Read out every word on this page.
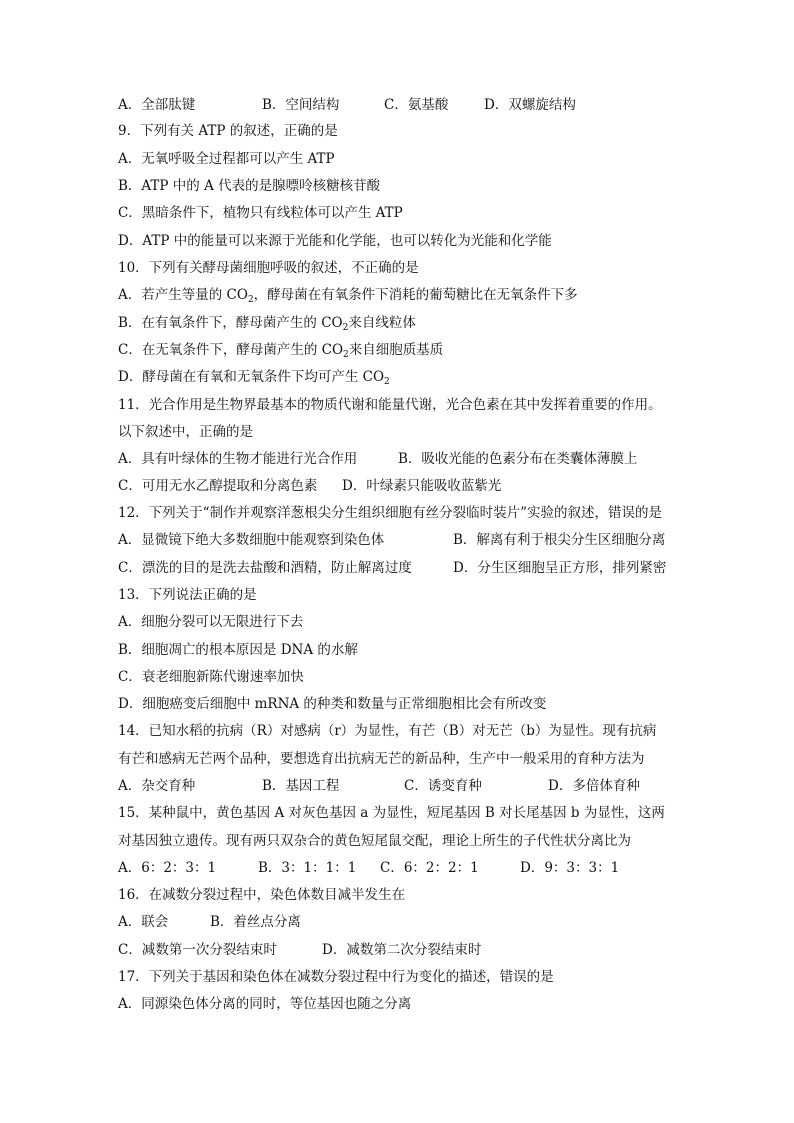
A．全部肽键	B．空间结构	C．氨基酸	D．双螺旋结构
9．下列有关 ATP 的叙述，正确的是
A．无氧呼吸全过程都可以产生 ATP
B．ATP 中的 A 代表的是腺嘌呤核糖核苷酸
C．黑暗条件下，植物只有线粒体可以产生 ATP
D．ATP 中的能量可以来源于光能和化学能，也可以转化为光能和化学能
10．下列有关酵母菌细胞呼吸的叙述，不正确的是
A．若产生等量的 $CO_2$，酵母菌在有氧条件下消耗的葡萄糖比在无氧条件下多
B．在有氧条件下，酵母菌产生的 $CO_2$来自线粒体
C．在无氧条件下，酵母菌产生的 $CO_2$来自细胞质基质
D．酵母菌在有氧和无氧条件下均可产生 $CO_2$
11．光合作用是生物界最基本的物质代谢和能量代谢，光合色素在其中发挥着重要的作用。
以下叙述中，正确的是
A．具有叶绿体的生物才能进行光合作用	B．吸收光能的色素分布在类囊体薄膜上
C．可用无水乙醇提取和分离色素 D．叶绿素只能吸收蓝紫光
12．下列关于“制作并观察洋葱根尖分生组织细胞有丝分裂临时装片”实验的叙述，错误的是
A．显微镜下绝大多数细胞中能观察到染色体	B．解离有利于根尖分生区细胞分离
C．漂洗的目的是洗去盐酸和酒精，防止解离过度	D．分生区细胞呈正方形，排列紧密
13．下列说法正确的是
A．细胞分裂可以无限进行下去
B．细胞凋亡的根本原因是 DNA 的水解
C．衰老细胞新陈代谢速率加快
D．细胞癌变后细胞中 mRNA 的种类和数量与正常细胞相比会有所改变
14．已知水稻的抗病（R）对感病（r）为显性，有芒（B）对无芒（b）为显性。现有抗病
有芒和感病无芒两个品种，要想选育出抗病无芒的新品种，生产中一般采用的育种方法为
A．杂交育种	B．基因工程	C．诱变育种	D．多倍体育种
15．某种鼠中，黄色基因 A 对灰色基因 a 为显性，短尾基因 B 对长尾基因 b 为显性，这两
对基因独立遗传。现有两只双杂合的黄色短尾鼠交配，理论上所生的子代性状分离比为
A．6：2：3：1	B．3：1：1：1 C．6：2：2：1	D．9：3：3：1
16．在减数分裂过程中，染色体数目减半发生在
A．联会	B．着丝点分离
C．减数第一次分裂结束时	D．减数第二次分裂结束时
17．下列关于基因和染色体在减数分裂过程中行为变化的描述，错误的是
A．同源染色体分离的同时，等位基因也随之分离
